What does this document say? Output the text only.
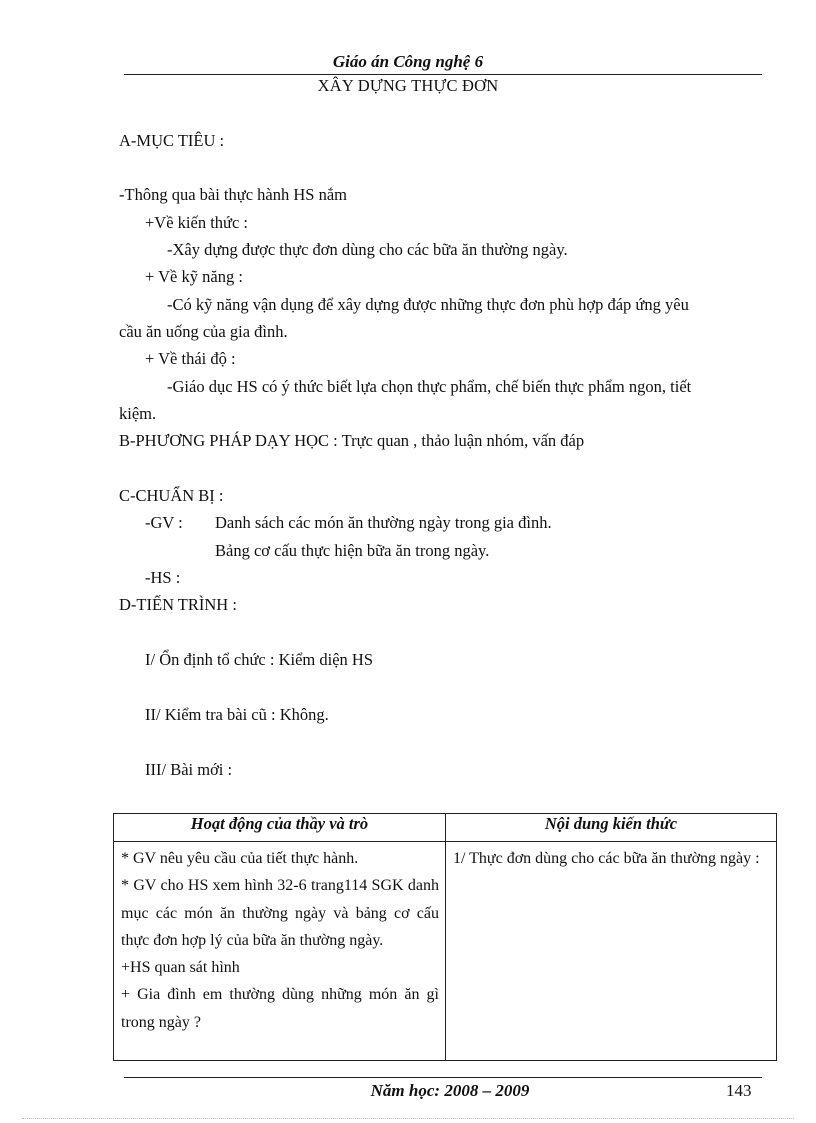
Giáo án Công nghệ 6
XÂY DỰNG THỰC ĐƠN
A-MỤC TIÊU :
-Thông qua bài thực hành HS nắm
+Về kiến thức :
-Xây dựng được thực đơn dùng cho các bữa ăn thường ngày.
+ Về kỹ năng :
-Có kỹ năng vận dụng để xây dựng được những thực đơn phù hợp đáp ứng yêu
cầu ăn uống của gia đình.
+ Về thái độ :
-Giáo dục HS có ý thức biết lựa chọn thực phẩm, chế biến thực phẩm ngon, tiết
kiệm.
B-PHƯƠNG PHÁP DẠY HỌC : Trực quan , thảo luận nhóm, vấn đáp
C-CHUẨN BỊ :
-GV : Danh sách các món ăn thường ngày trong gia đình.
Bảng cơ cấu thực hiện bữa ăn trong ngày.
-HS :
D-TIẾN TRÌNH :
I/ Ổn định tổ chức : Kiểm diện HS
II/ Kiểm tra bài cũ : Không.
III/ Bài mới :
Hoạt động của thầy và trò	Nội dung kiến thức

* GV nêu yêu cầu của tiết thực hành.
* GV cho HS xem hình 32-6 trang114 SGK danh mục các món ăn thường ngày và bảng cơ cấu thực đơn hợp lý của bữa ăn thường ngày.
+HS quan sát hình
+ Gia đình em thường dùng những món ăn gì trong ngày ?	1/ Thực đơn dùng cho các bữa ăn thường ngày :
Năm học: 2008 – 2009	143
